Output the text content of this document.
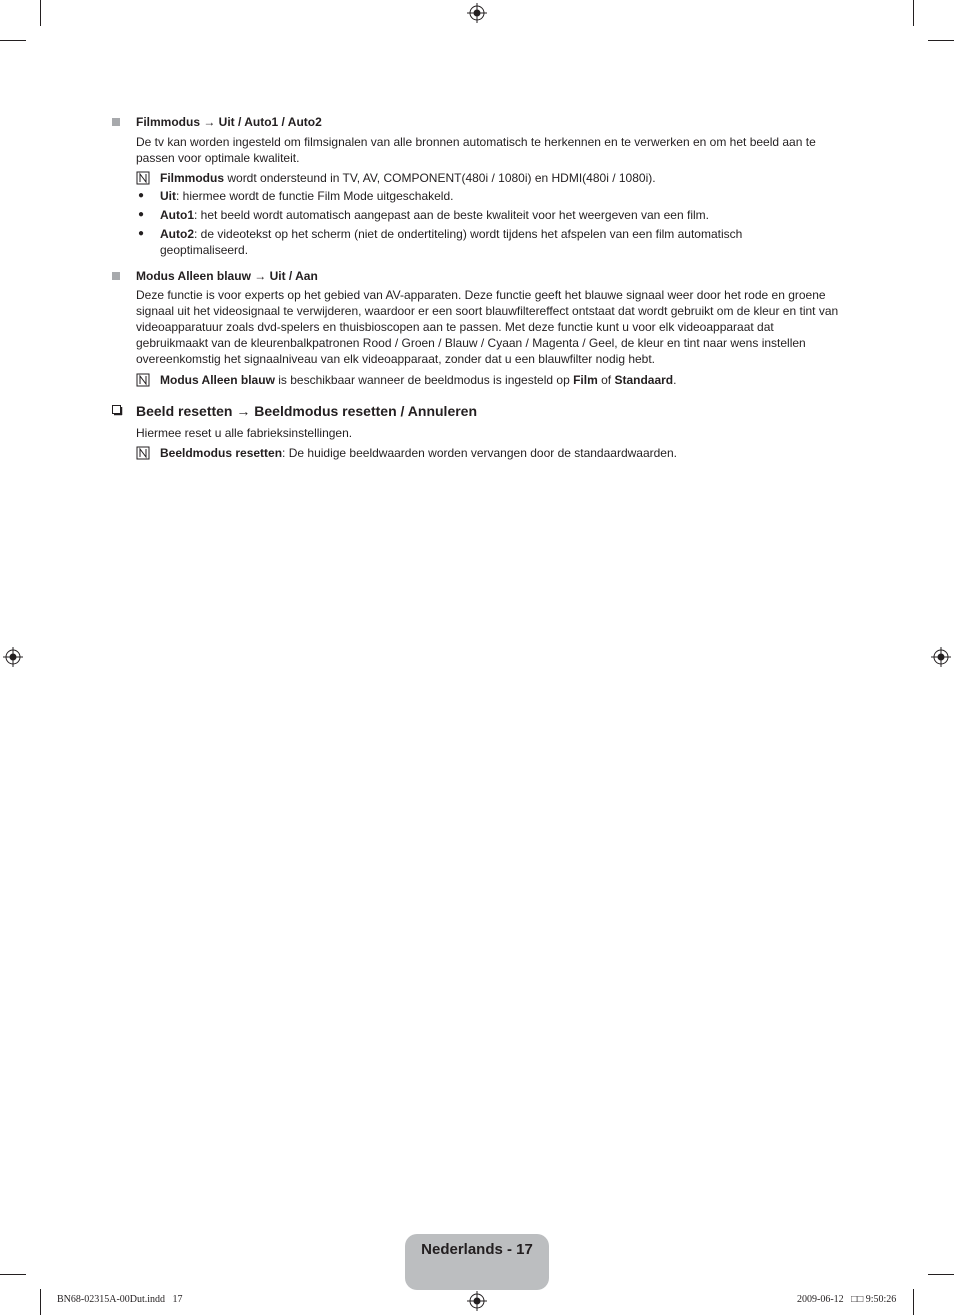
Filmmodus → Uit / Auto1 / Auto2
De tv kan worden ingesteld om filmsignalen van alle bronnen automatisch te herkennen en te verwerken en om het beeld aan te passen voor optimale kwaliteit.
Filmmodus wordt ondersteund in TV, AV, COMPONENT(480i / 1080i) en HDMI(480i / 1080i).
● Uit: hiermee wordt de functie Film Mode uitgeschakeld.
● Auto1: het beeld wordt automatisch aangepast aan de beste kwaliteit voor het weergeven van een film.
● Auto2: de videotekst op het scherm (niet de ondertiteling) wordt tijdens het afspelen van een film automatisch geoptimaliseerd.
Modus Alleen blauw → Uit / Aan
Deze functie is voor experts op het gebied van AV-apparaten. Deze functie geeft het blauwe signaal weer door het rode en groene signaal uit het videosignaal te verwijderen, waardoor er een soort blauwfiltereffect ontstaat dat wordt gebruikt om de kleur en tint van videoapparatuur zoals dvd-spelers en thuisbioscopen aan te passen. Met deze functie kunt u voor elk videoapparaat dat gebruikmaakt van de kleurenbalkpatronen Rood / Groen / Blauw / Cyaan / Magenta / Geel, de kleur en tint naar wens instellen overeenkomstig het signaalniveau van elk videoapparaat, zonder dat u een blauwfilter nodig hebt.
Modus Alleen blauw is beschikbaar wanneer de beeldmodus is ingesteld op Film of Standaard.
Beeld resetten → Beeldmodus resetten / Annuleren
Hiermee reset u alle fabrieksinstellingen.
Beeldmodus resetten: De huidige beeldwaarden worden vervangen door de standaardwaarden.
Nederlands - 17
BN68-02315A-00Dut.indd   17	2009-06-12   □□ 9:50:26
